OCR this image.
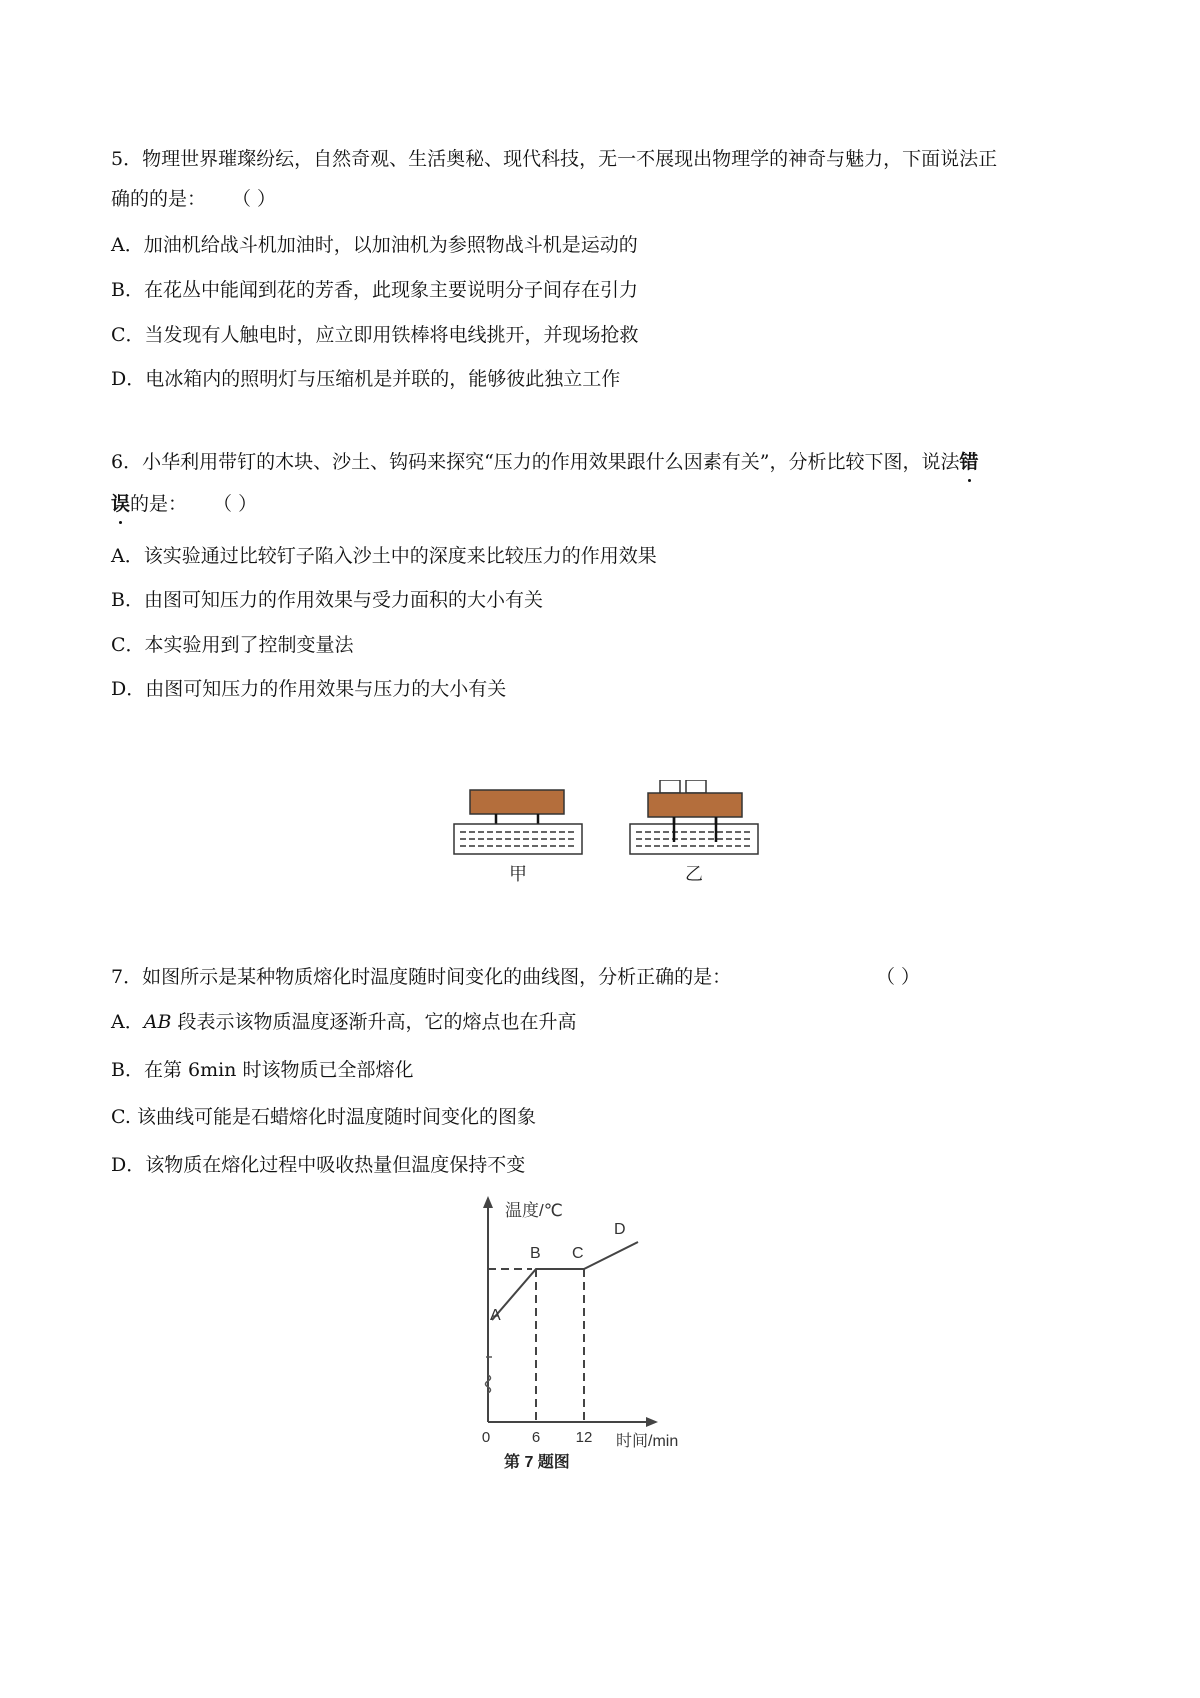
5．物理世界璀璨纷纭，自然奇观、生活奥秘、现代科技，无一不展现出物理学的神奇与魅力，下面说法正
确的的是： （ ）
A．加油机给战斗机加油时，以加油机为参照物战斗机是运动的
B．在花丛中能闻到花的芳香，此现象主要说明分子间存在引力
C．当发现有人触电时，应立即用铁棒将电线挑开，并现场抢救
D．电冰箱内的照明灯与压缩机是并联的，能够彼此独立工作
6．小华利用带钉的木块、沙土、钩码来探究“压力的作用效果跟什么因素有关”，分析比较下图，说法错
误的是： （ ）
A．该实验通过比较钉子陷入沙土中的深度来比较压力的作用效果
B．由图可知压力的作用效果与受力面积的大小有关
C．本实验用到了控制变量法
D．由图可知压力的作用效果与压力的大小有关
甲	乙
7．如图所示是某种物质熔化时温度随时间变化的曲线图，分析正确的是：	（ ）
A．AB 段表示该物质温度逐渐升高，它的熔点也在升高
B．在第 6min 时该物质已全部熔化
C. 该曲线可能是石蜡熔化时温度随时间变化的图象
D．该物质在熔化过程中吸收热量但温度保持不变
温度/℃
A
B C
D
0	6 12 时间/min
第 7 题图
